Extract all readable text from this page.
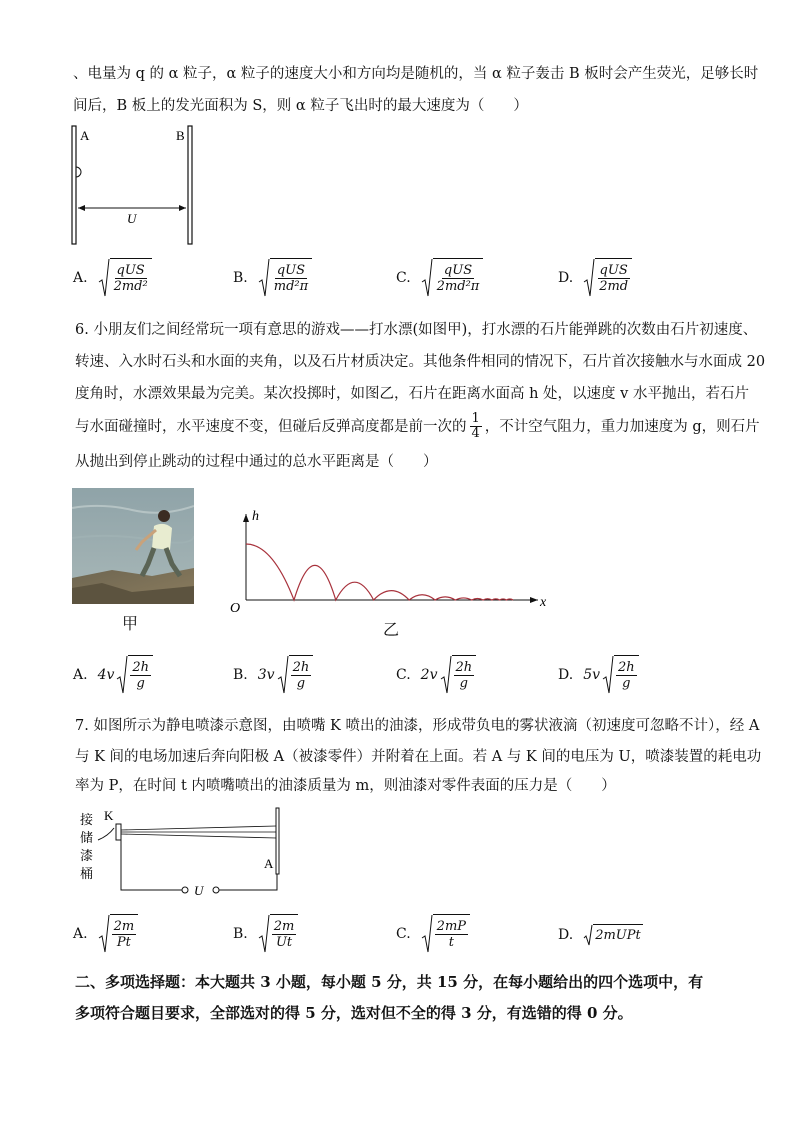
、电量为 q 的 α 粒子，α 粒子的速度大小和方向均是随机的，当 α 粒子轰击 B 板时会产生荧光，足够长时
间后，B 板上的发光面积为 S，则 α 粒子飞出时的最大速度为（　　）
A	B
U
A. $\frac{\text{qUS}}{\text{2md²}}$	B. $\frac{\text{qUS}}{\text{md²π}}$	C. $\frac{\text{qUS}}{\text{2md²π}}$	D. $\frac{\text{qUS}}{2md}$
6. 小朋友们之间经常玩一项有意思的游戏——打水漂(如图甲)，打水漂的石片能弹跳的次数由石片初速度、
转速、入水时石头和水面的夹角，以及石片材质决定。其他条件相同的情况下，石片首次接触水与水面成 20
度角时，水漂效果最为完美。某次投掷时，如图乙，石片在距离水面高 h 处，以速度 v 水平抛出，若石片
与水面碰撞时，水平速度不变，但碰后反弹高度都是前一次的 $\frac{1}{4}$ ，不计空气阻力，重力加速度为 g，则石片
从抛出到停止跳动的过程中通过的总水平距离是（　　）
甲
h
x
O
乙
A. $4v \frac{2h}{g}$	B. $3v \frac{2h}{g}$	C. $2v \frac{2h}{g}$	D. $5v \frac{2h}{g}$
7. 如图所示为静电喷漆示意图，由喷嘴 K 喷出的油漆，形成带负电的雾状液滴（初速度可忽略不计），经 A
与 K 间的电场加速后奔向阳极 A（被漆零件）并附着在上面。若 A 与 K 间的电压为 U，喷漆装置的耗电功
率为 P，在时间 t 内喷嘴喷出的油漆质量为 m，则油漆对零件表面的压力是（　　）
接
储
漆
桶
K
A
U
A. $\frac{2m}{Pt}$	B. $\frac{2m}{Ut}$	C. $\frac{2mP}{t}$	D. 2mUPt
二、多项选择题：本大题共 3 小题，每小题 5 分，共 15 分，在每小题给出的四个选项中，有
多项符合题目要求，全部选对的得 5 分，选对但不全的得 3 分，有选错的得 0 分。
